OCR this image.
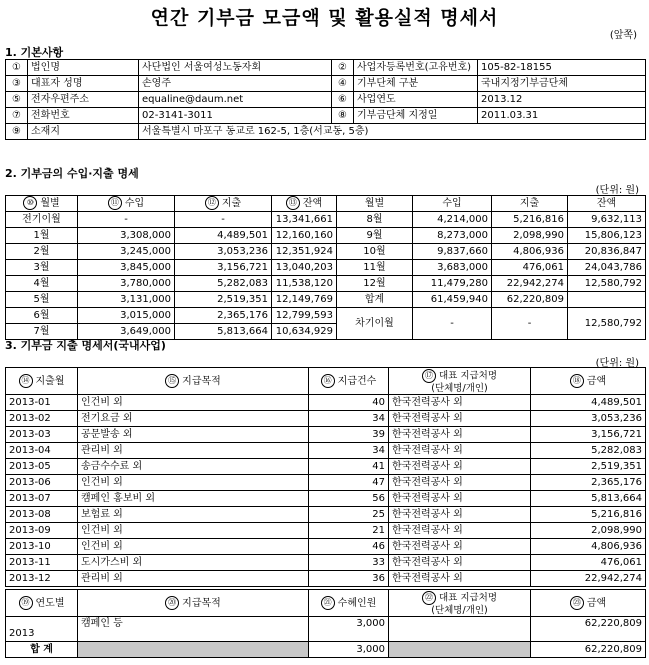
연간 기부금 모금액 및 활용실적 명세서
(앞쪽)
1. 기본사항
①	법인명	사단법인 서울여성노동자회	②	사업자등록번호(고유번호)	105-82-18155
③	대표자 성명	손영주	④	기부단체 구분	국내지정기부금단체
⑤	전자우편주소	equaline@daum.net	⑥	사업연도	2013.12
⑦	전화번호	02-3141-3011	⑧	기부금단체 지정일	2011.03.31
⑨	소재지	서울특별시 마포구 동교로 162-5, 1층(서교동, 5층)			
2. 기부금의 수입·지출 명세
(단위: 원)
⑩ 월별	⑪ 수입	⑫ 지출	⑬ 잔액	월별	수입	지출	잔액
전기이월	-	-	13,341,661	8월	4,214,000	5,216,816	9,632,113
1월	3,308,000	4,489,501	12,160,160	9월	8,273,000	2,098,990	15,806,123
2월	3,245,000	3,053,236	12,351,924	10월	9,837,660	4,806,936	20,836,847
3월	3,845,000	3,156,721	13,040,203	11월	3,683,000	476,061	24,043,786
4월	3,780,000	5,282,083	11,538,120	12월	11,479,280	22,942,274	12,580,792
5월	3,131,000	2,519,351	12,149,769	합계	61,459,940	62,220,809	
6월	3,015,000	2,365,176	12,799,593	차기이월	-	-	12,580,792
7월	3,649,000	5,813,664	10,634,929				
3. 기부금 지출 명세서(국내사업)
(단위: 원)
⑭ 지출월	⑮ 지급목적	⑯ 지급건수	⑰ 대표 지급처명
(단체명/개인)	⑱ 금액
2013-01	인건비 외	40	한국전력공사 외	4,489,501
2013-02	전기요금 외	34	한국전력공사 외	3,053,236
2013-03	공문발송 외	39	한국전력공사 외	3,156,721
2013-04	관리비 외	34	한국전력공사 외	5,282,083
2013-05	송금수수료 외	41	한국전력공사 외	2,519,351
2013-06	인건비 외	47	한국전력공사 외	2,365,176
2013-07	캠페인 홍보비 외	56	한국전력공사 외	5,813,664
2013-08	보험료 외	25	한국전력공사 외	5,216,816
2013-09	인건비 외	21	한국전력공사 외	2,098,990
2013-10	인건비 외	46	한국전력공사 외	4,806,936
2013-11	도시가스비 외	33	한국전력공사 외	476,061
2013-12	관리비 외	36	한국전력공사 외	22,942,274
⑲ 연도별	⑳ 지급목적	㉑ 수혜인원	㉒ 대표 지급처명
(단체명/개인)	㉓ 금액
2013	캠페인 등	3,000		62,220,809
합 계		3,000		62,220,809
